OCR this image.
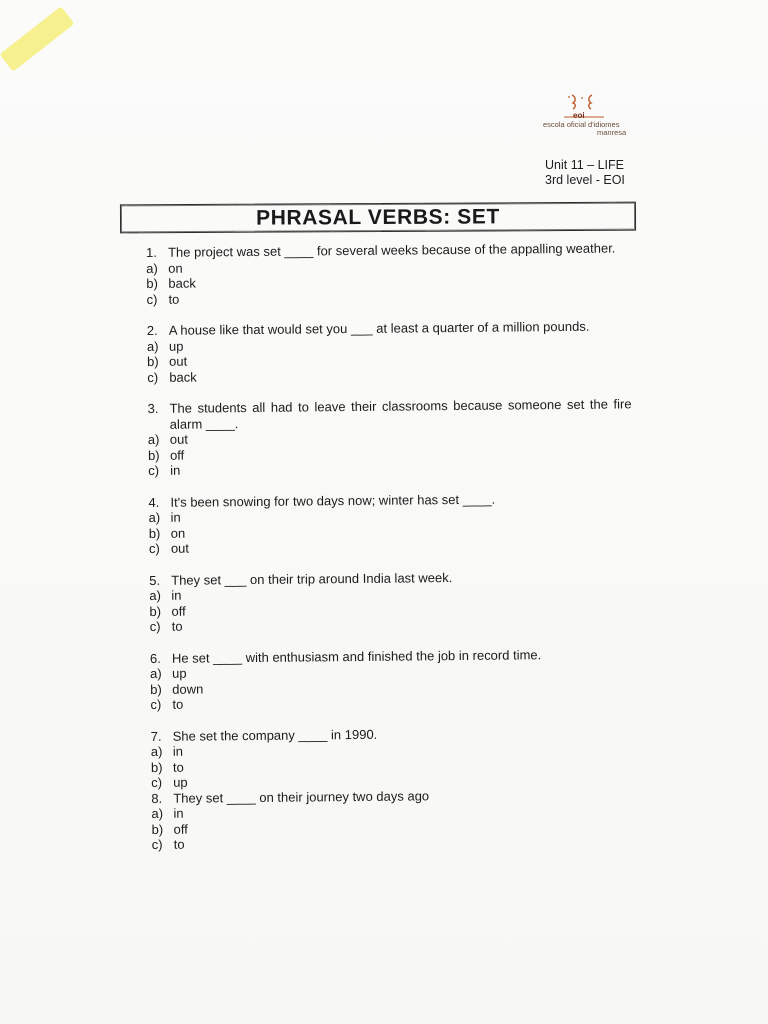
eoi
escola oficial d'idiomes
manresa
Unit 11 – LIFE
3rd level - EOI
PHRASAL VERBS: SET
1. The project was set ____ for several weeks because of the appalling weather.
a) on
b) back
c) to
2. A house like that would set you ___ at least a quarter of a million pounds.
a) up
b) out
c) back
3. The students all had to leave their classrooms because someone set the fire alarm ____.
a) out
b) off
c) in
4. It's been snowing for two days now; winter has set ____.
a) in
b) on
c) out
5. They set ___ on their trip around India last week.
a) in
b) off
c) to
6. He set ____ with enthusiasm and finished the job in record time.
a) up
b) down
c) to
7. She set the company ____ in 1990.
a) in
b) to
c) up
8. They set ____ on their journey two days ago
a) in
b) off
c) to
